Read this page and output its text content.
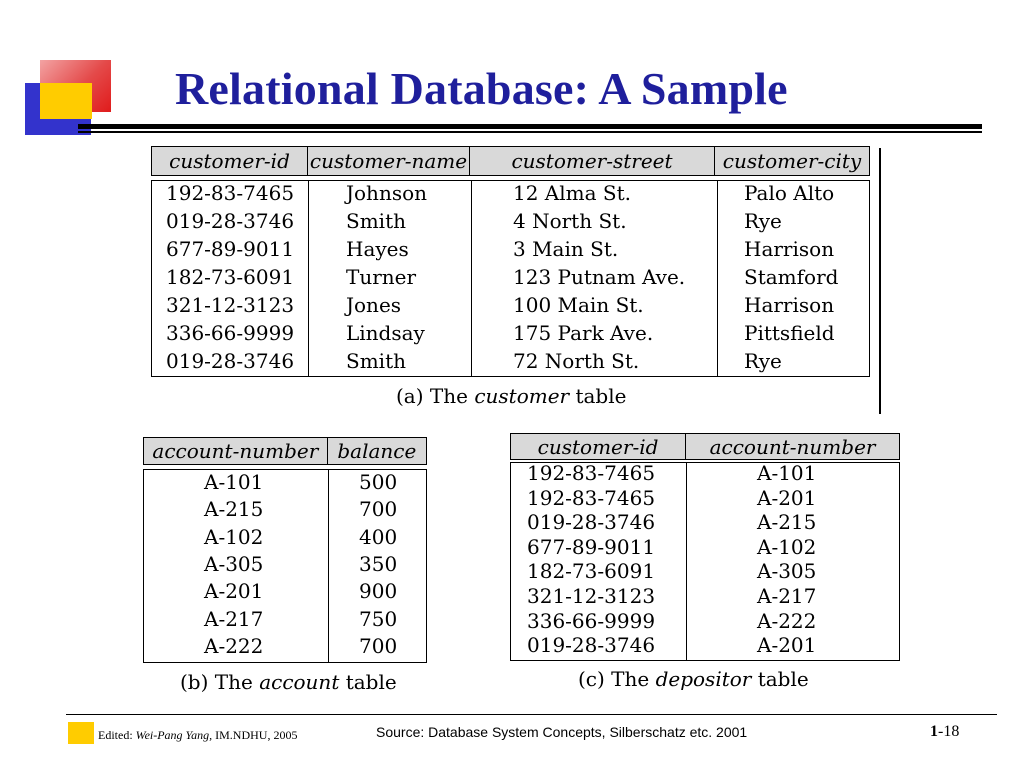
Relational Database: A Sample
customer-id	customer-name	customer-street	customer-city
192-83-7465	Johnson	12 Alma St.	Palo Alto
019-28-3746	Smith	4 North St.	Rye
677-89-9011	Hayes	3 Main St.	Harrison
182-73-6091	Turner	123 Putnam Ave.	Stamford
321-12-3123	Jones	100 Main St.	Harrison
336-66-9999	Lindsay	175 Park Ave.	Pittsfield
019-28-3746	Smith	72 North St.	Rye
(a) The customer table
account-number balance
A-101	500
A-215	700
A-102	400
A-305	350
A-201	900
A-217	750
A-222	700
(b) The account table
customer-id	account-number
192-83-7465	A-101
192-83-7465	A-201
019-28-3746	A-215
677-89-9011	A-102
182-73-6091	A-305
321-12-3123	A-217
336-66-9999	A-222
019-28-3746	A-201
(c) The depositor table
Edited: Wei-Pang Yang, IM.NDHU, 2005	Source: Database System Concepts, Silberschatz etc. 2001	1-18
